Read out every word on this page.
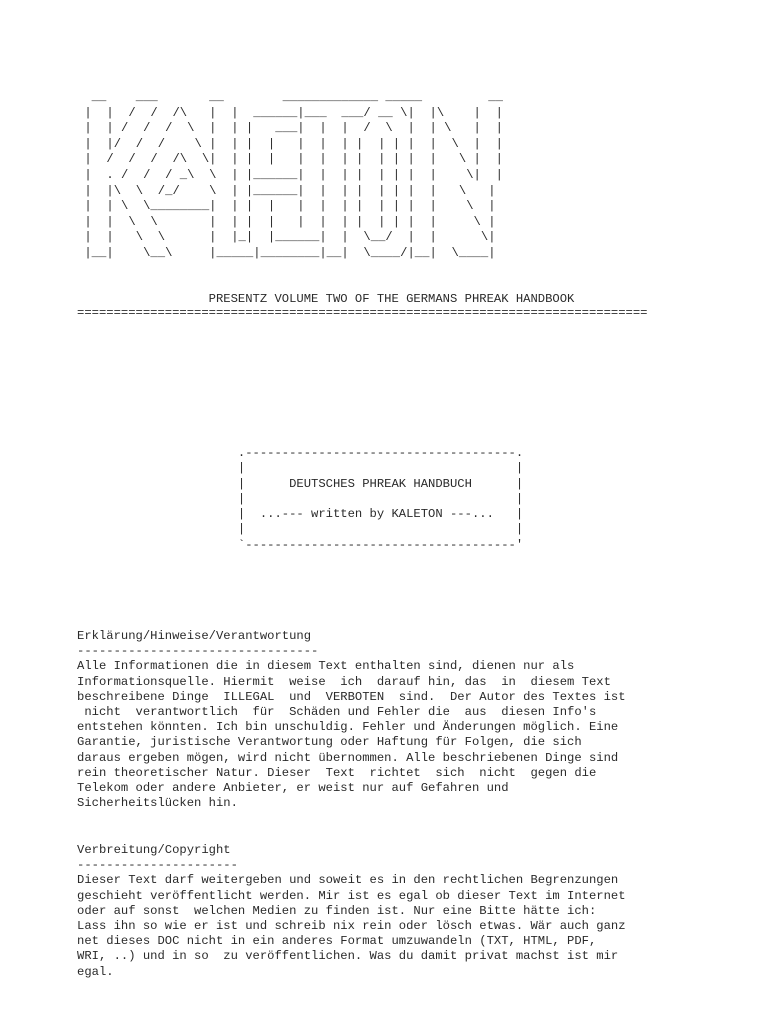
__    ___       __        _____________ _____         __
|  |  /  /  /\   |  |  ______|___  ___/ __ \|  |\    |  |
|  | /  /  /  \  |  | |   ___|  |  |  /  \  |  | \   |  |
|  |/  /  /    \ |  | |  |   |  |  | |  | | |  |  \  |  |
|  /  /  /  /\  \|  | |  |   |  |  | |  | | |  |   \ |  |
|  . /  /  / _\  \  | |______|  |  | |  | | |  |    \|  |
|  |\  \  /_/    \  | |______|  |  | |  | | |  |   \   |
|  | \  \________|  | |  |   |  |  | |  | | |  |    \  |
|  |  \  \       |  | |  |   |  |  | |  | | |  |     \ |
|  |   \  \      |  |_|  |______|  |  \__/  |  |      \|
|__|    \__\     |_____|________|__|  \____/|__|  \____|
PRESENTZ VOLUME TWO OF THE GERMANS PHREAK HANDBOOK
==============================================================================
.-------------------------------------.
|                                     |
|      DEUTSCHES PHREAK HANDBUCH      |
|                                     |
|  ...--- written by KALETON ---...   |
|                                     |
`-------------------------------------'
Erklärung/Hinweise/Verantwortung
---------------------------------
Alle Informationen die in diesem Text enthalten sind, dienen nur als
Informationsquelle. Hiermit  weise  ich  darauf hin, das  in  diesem Text
beschreibene Dinge  ILLEGAL  und  VERBOTEN  sind.  Der Autor des Textes ist
nicht  verantwortlich  für  Schäden und Fehler die  aus  diesen Info's
entstehen könnten. Ich bin unschuldig. Fehler und Änderungen möglich. Eine
Garantie, juristische Verantwortung oder Haftung für Folgen, die sich
daraus ergeben mögen, wird nicht übernommen. Alle beschriebenen Dinge sind
rein theoretischer Natur. Dieser  Text  richtet  sich  nicht  gegen die
Telekom oder andere Anbieter, er weist nur auf Gefahren und
Sicherheitslücken hin.
Verbreitung/Copyright
----------------------
Dieser Text darf weitergeben und soweit es in den rechtlichen Begrenzungen
geschieht veröffentlicht werden. Mir ist es egal ob dieser Text im Internet
oder auf sonst  welchen Medien zu finden ist. Nur eine Bitte hätte ich:
Lass ihn so wie er ist und schreib nix rein oder lösch etwas. Wär auch ganz
net dieses DOC nicht in ein anderes Format umzuwandeln (TXT, HTML, PDF,
WRI, ..) und in so  zu veröffentlichen. Was du damit privat machst ist mir
egal.
